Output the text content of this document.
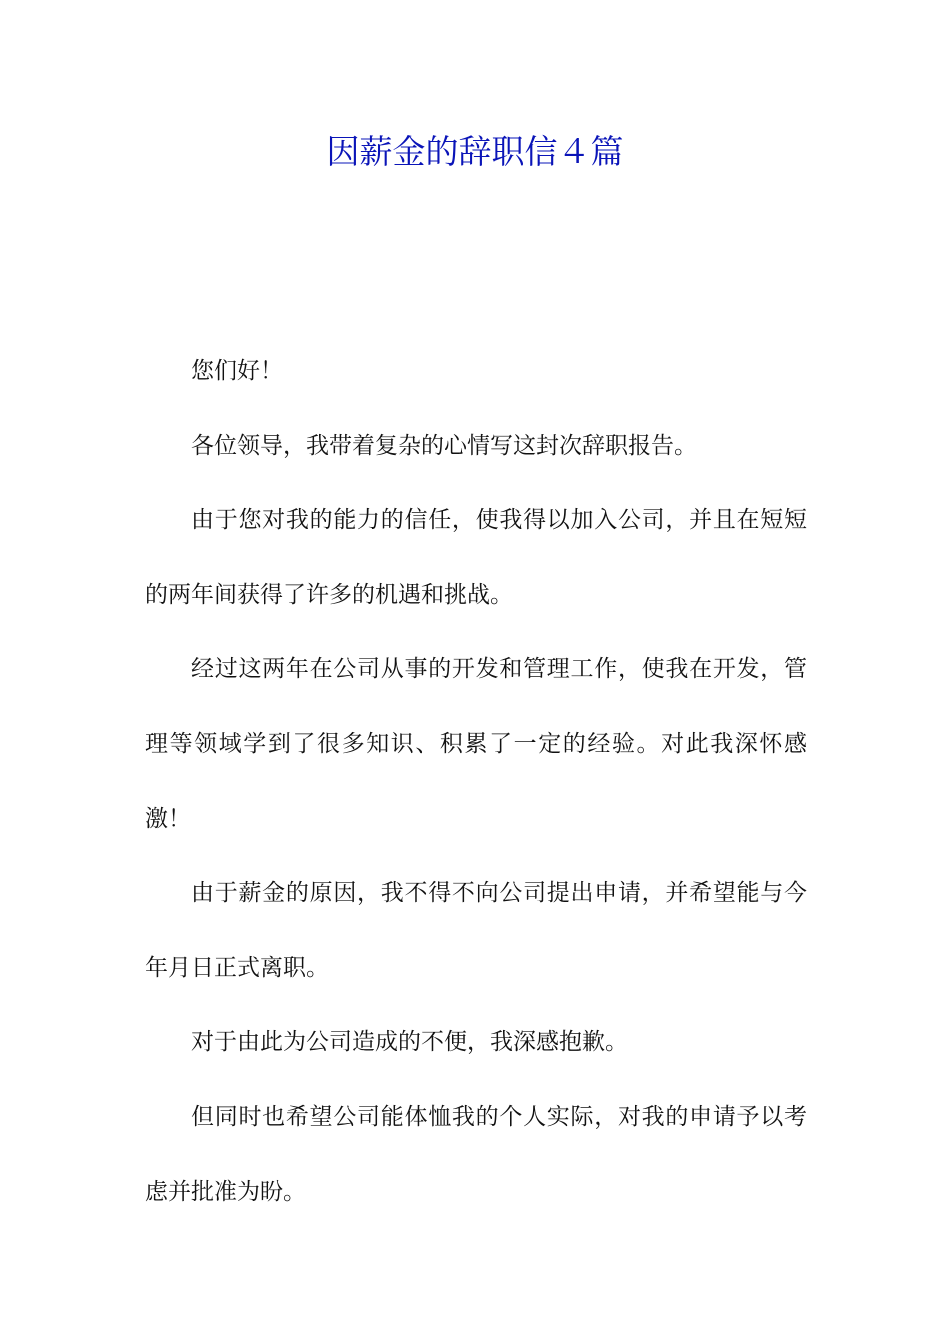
因薪金的辞职信４篇

您们好！

各位领导，我带着复杂的心情写这封次辞职报告。

由于您对我的能力的信任，使我得以加入公司，并且在短短的两年间获得了许多的机遇和挑战。

经过这两年在公司从事的开发和管理工作，使我在开发，管理等领域学到了很多知识、积累了一定的经验。对此我深怀感激！

由于薪金的原因，我不得不向公司提出申请，并希望能与今年月日正式离职。

对于由此为公司造成的不便，我深感抱歉。

但同时也希望公司能体恤我的个人实际，对我的申请予以考虑并批准为盼。
